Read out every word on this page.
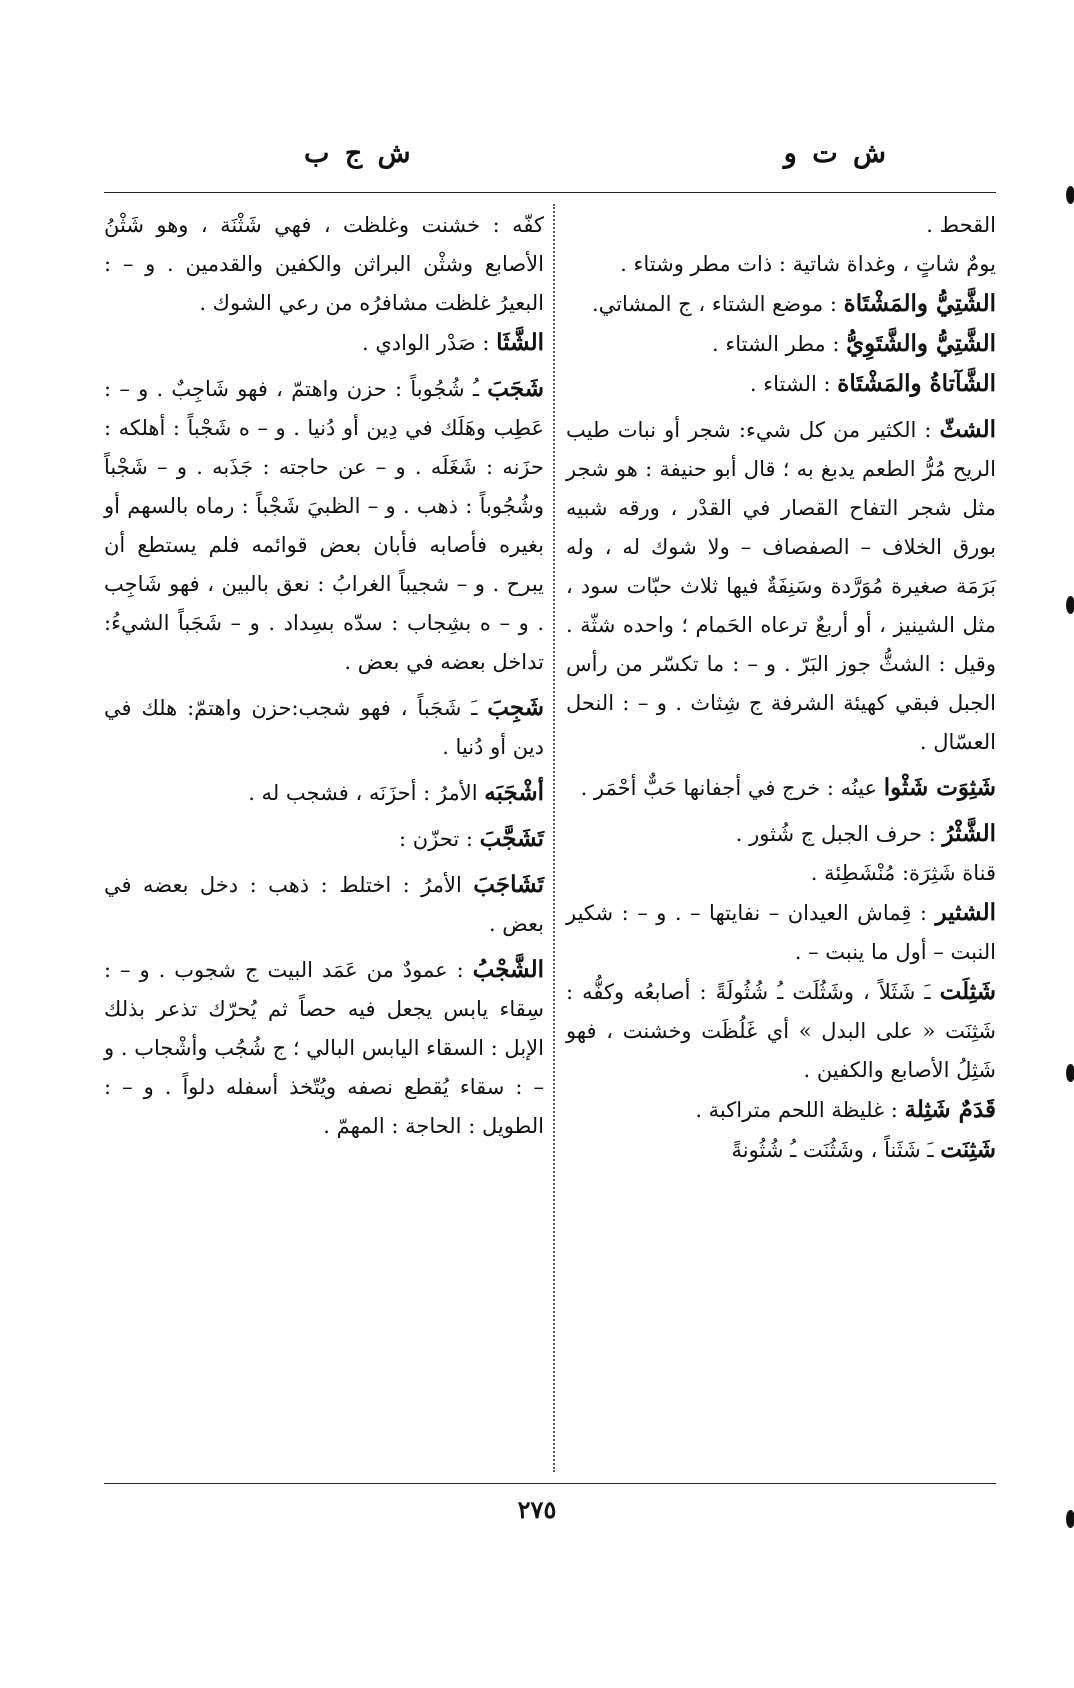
ش ت و
ش ج ب

القحط .

يومٌ شاتٍ ، وغداة شاتية : ذات مطر وشتاء .

الشَّتِيُّ والمَشْتَاة : موضع الشتاء ، ج المشاتي.

الشَّتِيُّ والشَّتَوِيُّ : مطر الشتاء .

الشَّآتاةُ والمَشْتَاة : الشتاء .

الشثّ : الكثير من كل شيء: شجر أو نبات طيب الريح مُرُّ الطعم يدبغ به ؛ قال أبو حنيفة : هو شجر مثل شجر التفاح القصار في القدْر ، ورقه شبيه بورق الخلاف – الصفصاف – ولا شوك له ، وله بَرَمَة صغيرة مُوَرَّدة وسَنِفَةٌ فيها ثلاث حبّات سود ، مثل الشينيز ، أو أربعٌ ترعاه الحَمام ؛ واحده شثّة . وقيل : الشثُّ جوز البَرّ . و – : ما تكسّر من رأس الجبل فبقي كهيئة الشرفة ج شِثاث . و – : النحل العسّال .

شَثِوَت شَثْوا عينُه : خرج في أجفانها حَبٌّ أحْمَر .

الشَّثْرُ : حرف الجبل ج شُثور .

قناة شَثِرَة: مُنْشَطِئة .

الشثير : قِماش العيدان – نفايتها – . و – : شكير النبت – أول ما ينبت – .

شَثِلَت ـَ شَثَلاً ، وشَثُلَت ـُ شُثُولَةً : أصابعُه وكفُّه : شَثِنَت « على البدل » أي غَلُظَت وخشنت ، فهو شَثِلُ الأصابع والكفين .

قَدَمٌ شَثِلة : غليظة اللحم متراكبة .

شَثِنَت ـَ شَثَناً ، وشَثُنَت ـُ شُثُونةً

كفّه : خشنت وغلظت ، فهي شَثْنَة ، وهو شَثْنُ الأصابع وشثْن البراثن والكفين والقدمين . و – : البعيرُ غلظت مشافرُه من رعي الشوك .

الشَّثَا : صَدْر الوادي .

شَجَبَ ـُ شُجُوباً : حزن واهتمّ ، فهو شَاجِبٌ . و – : عَطِب وهَلَك في دِين أو دُنيا . و – ه شَجْباً : أهلكه : حزَنه : شَغَلَه . و – عن حاجته : جَذَبه . و – شَجْباً وشُجُوباً : ذهب . و – الظبيَ شَجْباً : رماه بالسهم أو بغيره فأصابه فأبان بعض قوائمه فلم يستطع أن يبرح . و – شجيباً الغرابُ : نعق بالبين ، فهو شَاجِب . و – ه بشِجاب : سدّه بسِداد . و – شَجَباً الشيءُ: تداخل بعضه في بعض .

شَجِبَ ـَ شَجَباً ، فهو شجب:حزن واهتمّ: هلك في دين أو دُنيا .

أشْجَبَه الأمرُ : أحزَنَه ، فشجب له .

تَشَجَّبَ : تحزّن :

تَشَاجَبَ الأمرُ : اختلط : ذهب : دخل بعضه في بعض .

الشَّجْبُ : عمودٌ من عَمَد البيت ج شجوب . و – : سِقاء يابس يجعل فيه حصاً ثم يُحرّك تذعر بذلك الإبل : السقاء اليابس البالي ؛ ج شُجُب وأشْجاب . و – : سقاء يُقطع نصفه ويُتّخذ أسفله دلواً . و – : الطويل : الحاجة : المهمّ .

٢٧٥
